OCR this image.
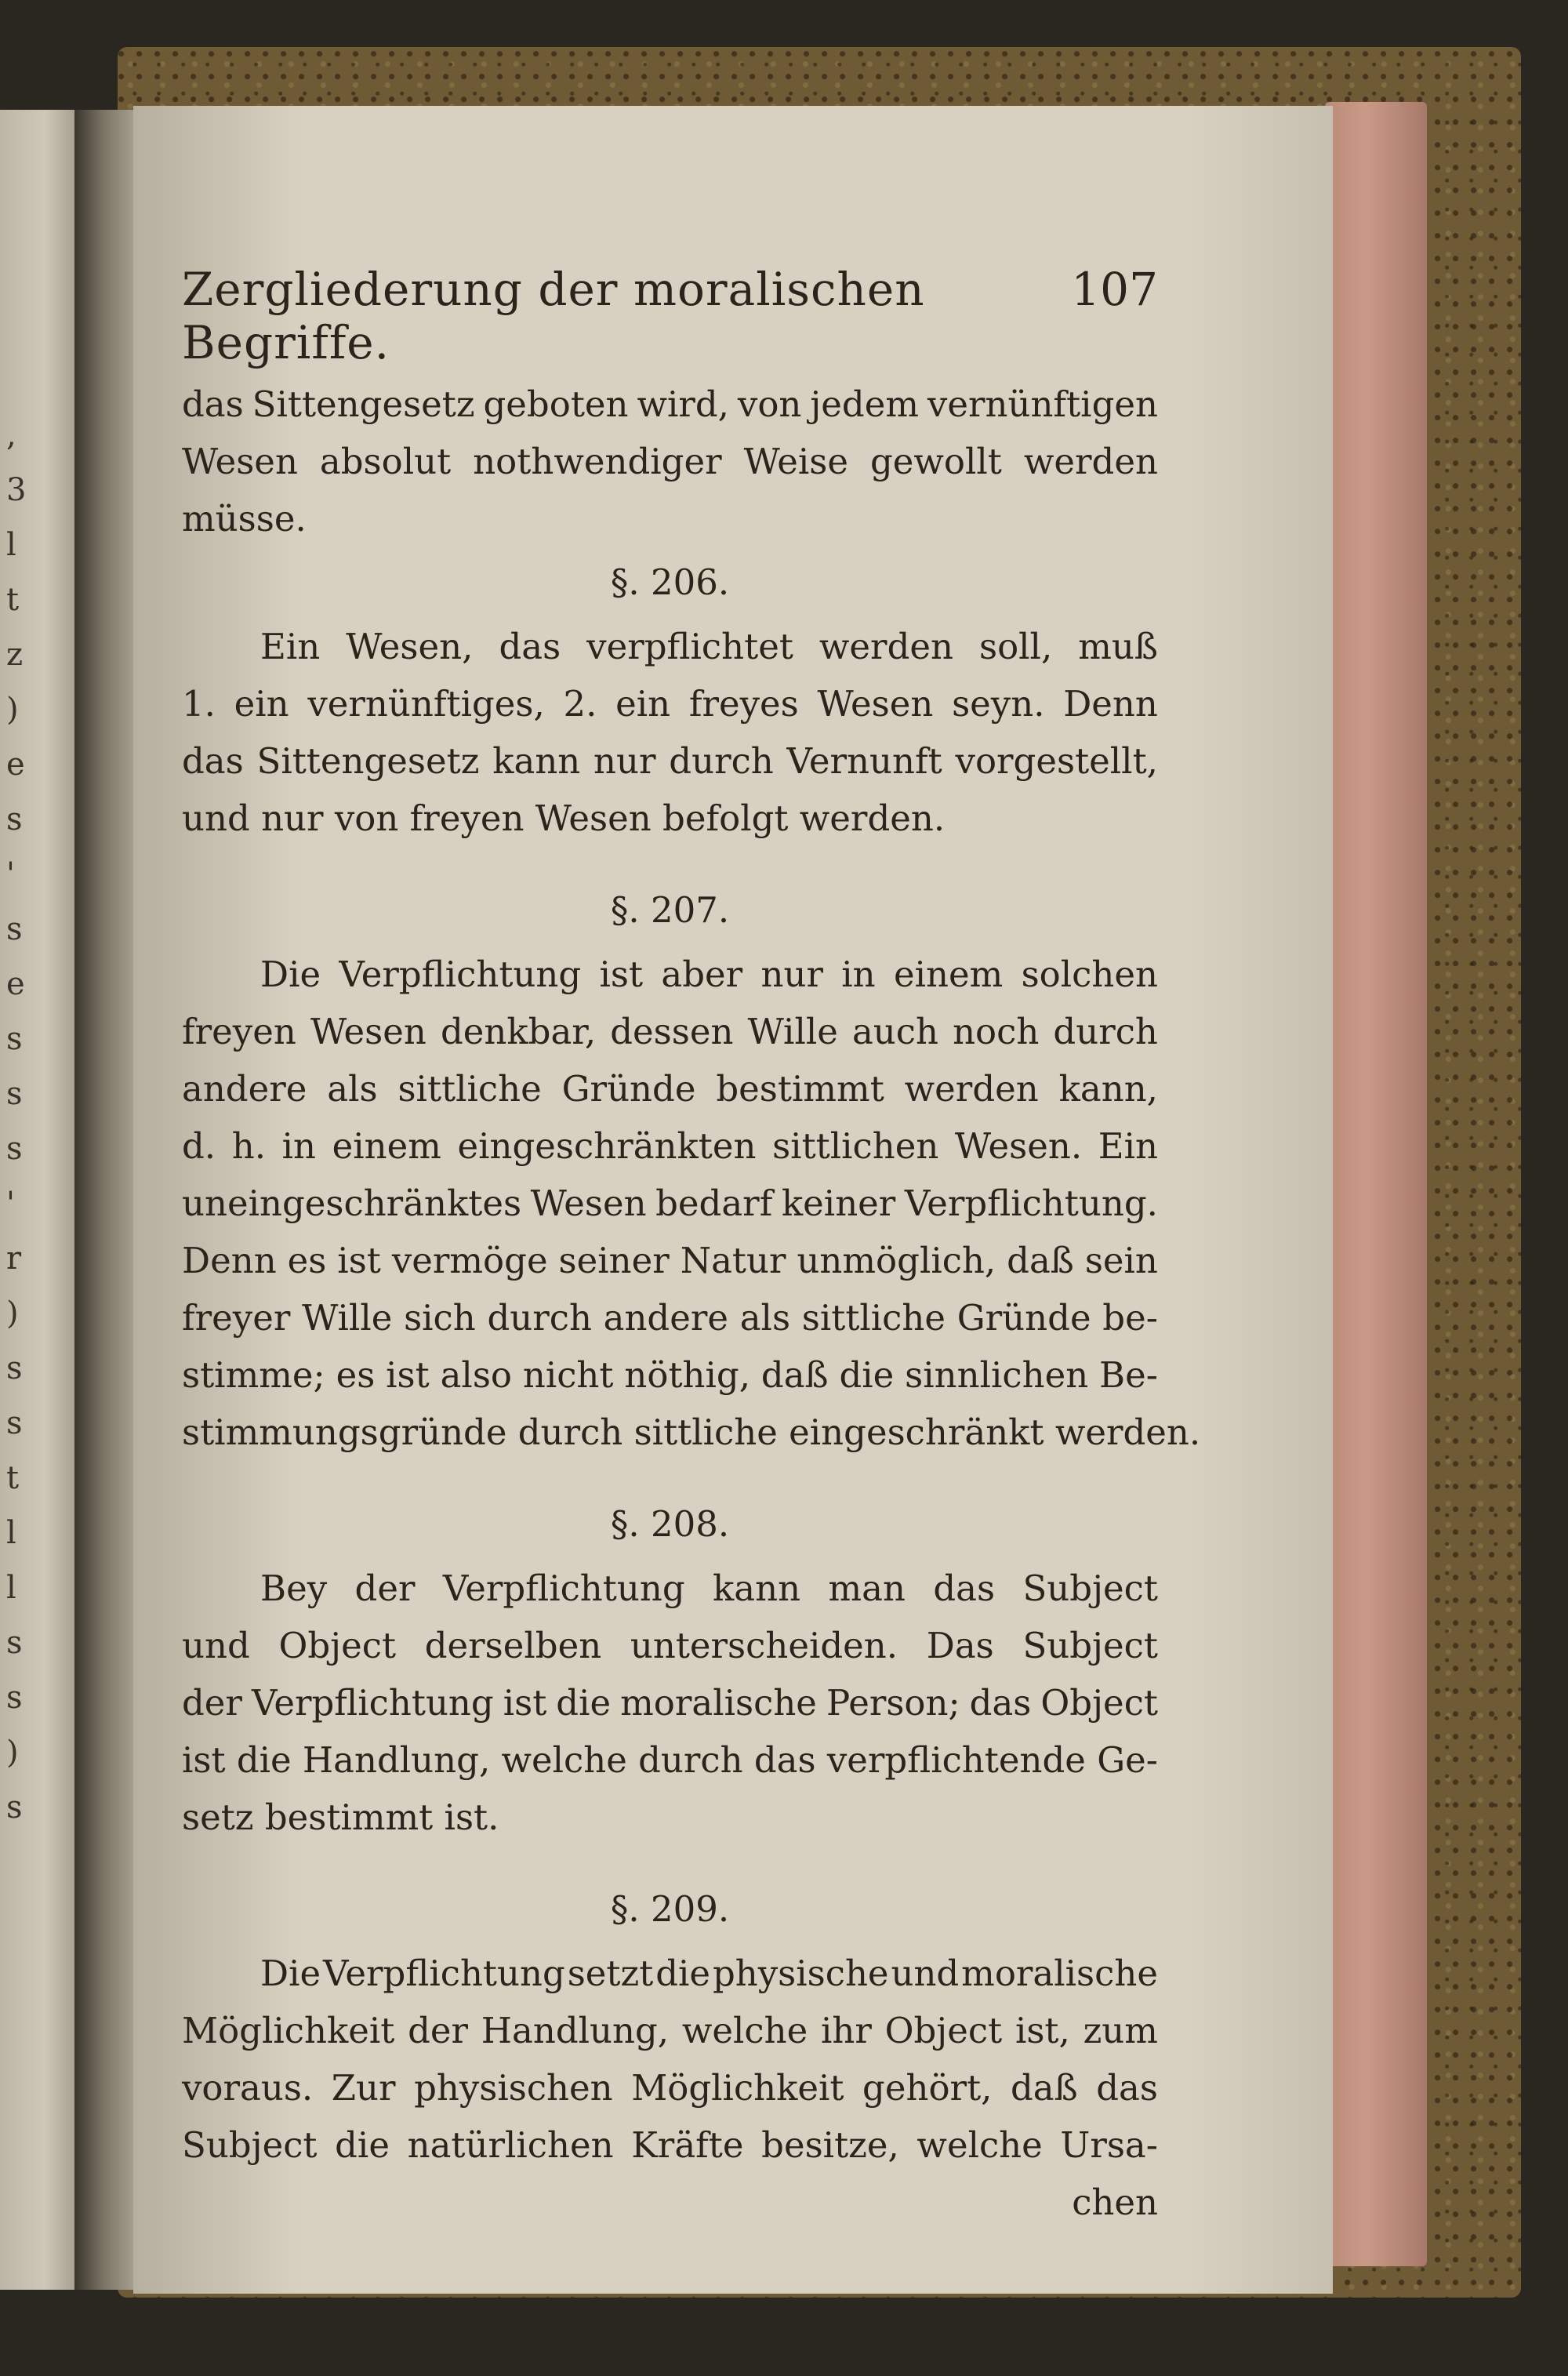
,
3
l
t
z
)
e
s
'
s
e
s
s
s
'
r
)
s
s
t
l
l
s
s
)
s
Zergliederung der moralischen Begriffe.
107
das Sittengesetz geboten wird, von jedem vernünftigen
Wesen absolut nothwendiger Weise gewollt werden
müsse.
§. 206.
Ein Wesen, das verpflichtet werden soll, muß
1. ein vernünftiges, 2. ein freyes Wesen seyn. Denn
das Sittengesetz kann nur durch Vernunft vorgestellt,
und nur von freyen Wesen befolgt werden.
§. 207.
Die Verpflichtung ist aber nur in einem solchen
freyen Wesen denkbar, dessen Wille auch noch durch
andere als sittliche Gründe bestimmt werden kann,
d. h. in einem eingeschränkten sittlichen Wesen. Ein
uneingeschränktes Wesen bedarf keiner Verpflichtung.
Denn es ist vermöge seiner Natur unmöglich, daß sein
freyer Wille sich durch andere als sittliche Gründe be-
stimme; es ist also nicht nöthig, daß die sinnlichen Be-
stimmungsgründe durch sittliche eingeschränkt werden.
§. 208.
Bey der Verpflichtung kann man das Subject
und Object derselben unterscheiden. Das Subject
der Verpflichtung ist die moralische Person; das Object
ist die Handlung, welche durch das verpflichtende Ge-
setz bestimmt ist.
§. 209.
Die Verpflichtung setzt die physische und moralische
Möglichkeit der Handlung, welche ihr Object ist, zum
voraus. Zur physischen Möglichkeit gehört, daß das
Subject die natürlichen Kräfte besitze, welche Ursa-
chen
